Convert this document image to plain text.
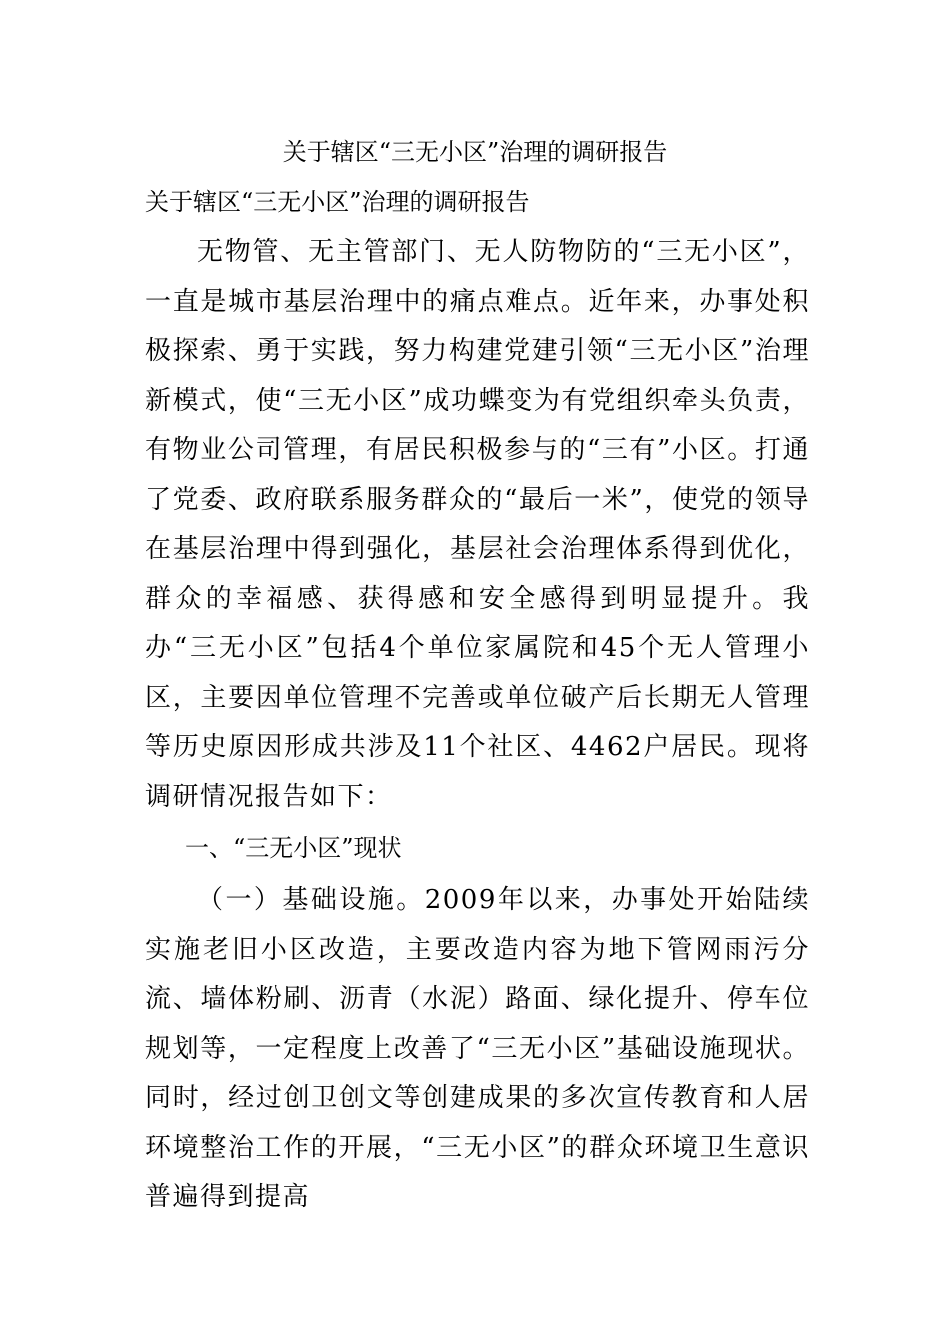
关于辖区“三无小区”治理的调研报告
关于辖区“三无小区”治理的调研报告

无物管、无主管部门、无人防物防的“三无小区”，一直是城市基层治理中的痛点难点。近年来，办事处积极探索、勇于实践，努力构建党建引领“三无小区”治理新模式，使“三无小区”成功蝶变为有党组织牵头负责，有物业公司管理，有居民积极参与的“三有”小区。打通了党委、政府联系服务群众的“最后一米”，使党的领导在基层治理中得到强化，基层社会治理体系得到优化，群众的幸福感、获得感和安全感得到明显提升。我办“三无小区”包括4个单位家属院和45个无人管理小区，主要因单位管理不完善或单位破产后长期无人管理等历史原因形成共涉及11个社区、4462户居民。现将调研情况报告如下：

一、“三无小区”现状

（一）基础设施。2009年以来，办事处开始陆续实施老旧小区改造，主要改造内容为地下管网雨污分流、墙体粉刷、沥青（水泥）路面、绿化提升、停车位规划等，一定程度上改善了“三无小区”基础设施现状。同时，经过创卫创文等创建成果的多次宣传教育和人居环境整治工作的开展，“三无小区”的群众环境卫生意识普遍得到提高
